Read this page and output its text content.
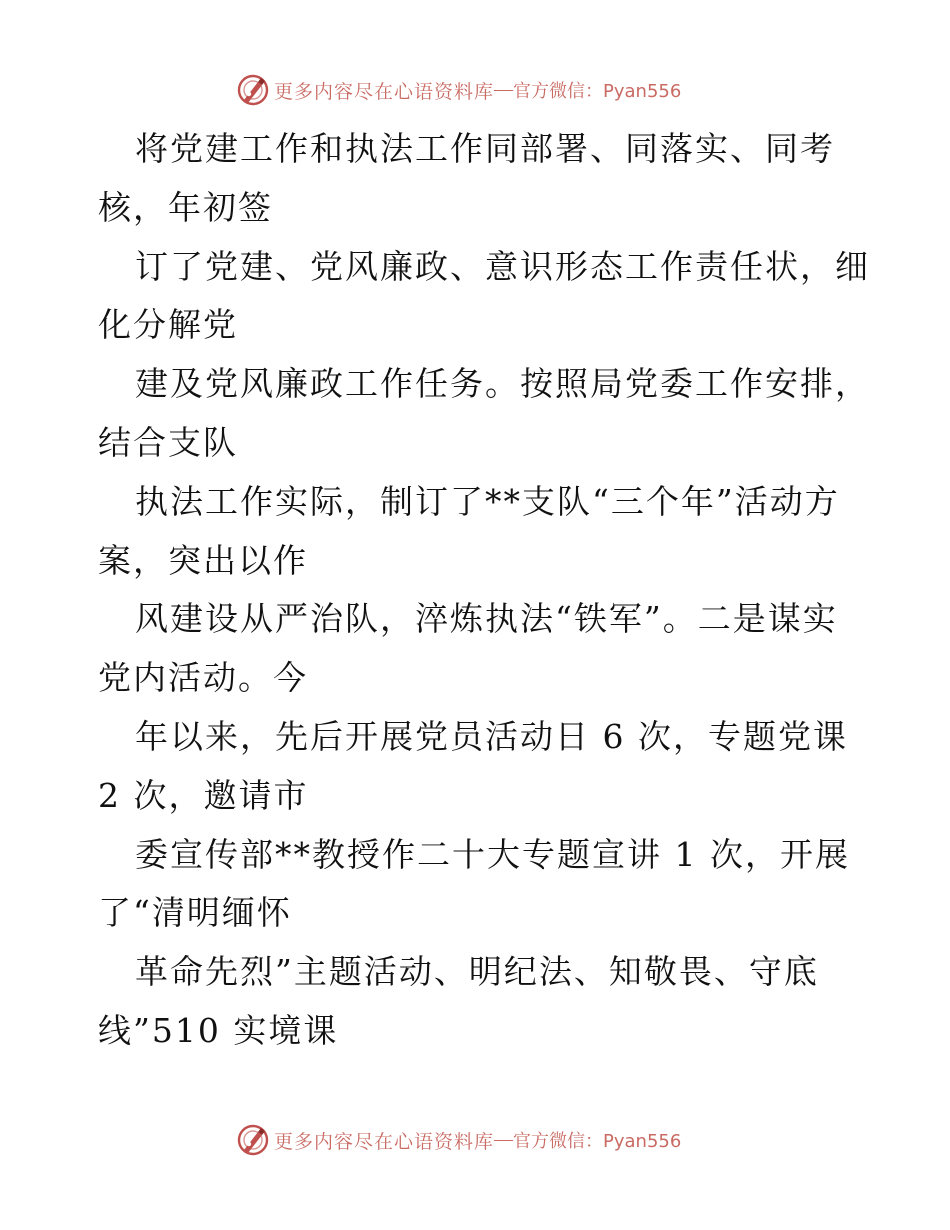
更多内容尽在心语资料库 — 官方微信：Pyan556
将党建工作和执法工作同部署、同落实、同考
核，年初签
订了党建、党风廉政、意识形态工作责任状，细
化分解党
建及党风廉政工作任务。按照局党委工作安排，
结合支队
执法工作实际，制订了**支队“三个年”活动方
案，突出以作
风建设从严治队，淬炼执法“铁军”。二是谋实
党内活动。今
年以来，先后开展党员活动日 6 次，专题党课
2 次，邀请市
委宣传部**教授作二十大专题宣讲 1 次，开展
了“清明缅怀
革命先烈”主题活动、明纪法、知敬畏、守底
线”510 实境课
更多内容尽在心语资料库 — 官方微信：Pyan556
